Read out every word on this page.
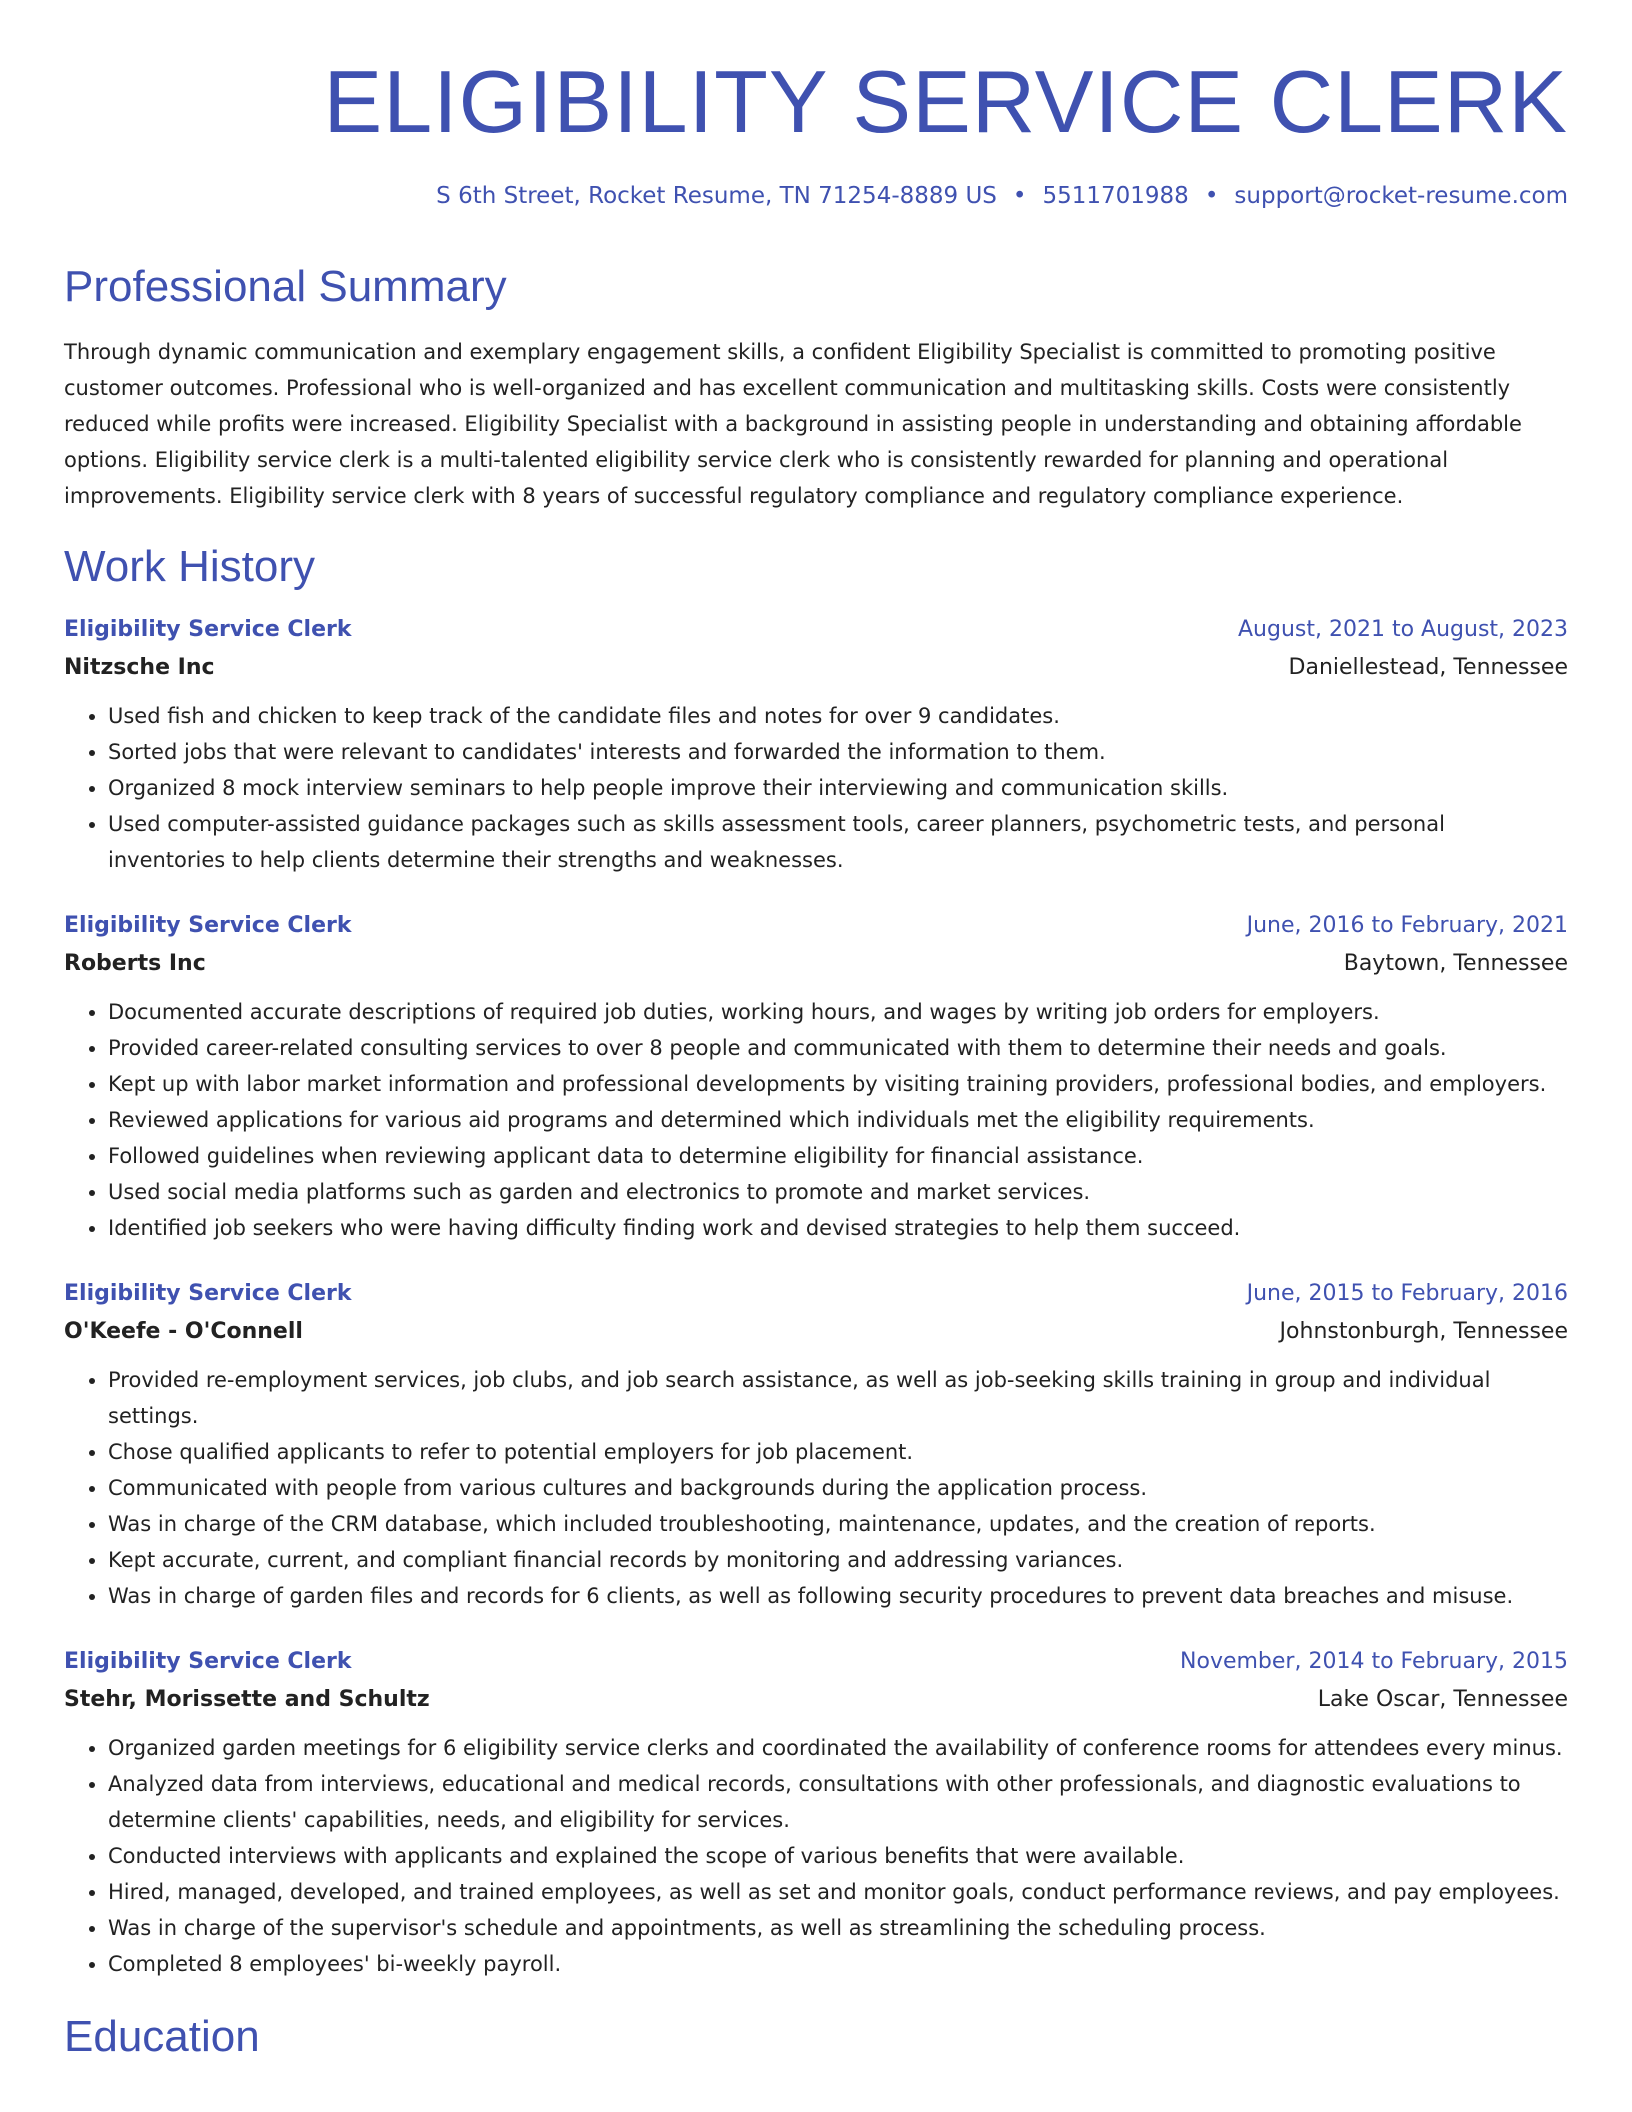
ELIGIBILITY SERVICE CLERK
S 6th Street, Rocket Resume, TN 71254-8889 US • 5511701988 • support@rocket-resume.com
Professional Summary

Through dynamic communication and exemplary engagement skills, a confident Eligibility Specialist is committed to promoting positive customer outcomes. Professional who is well-organized and has excellent communication and multitasking skills. Costs were consistently reduced while profits were increased. Eligibility Specialist with a background in assisting people in understanding and obtaining affordable options. Eligibility service clerk is a multi-talented eligibility service clerk who is consistently rewarded for planning and operational improvements. Eligibility service clerk with 8 years of successful regulatory compliance and regulatory compliance experience.

Work History
Eligibility Service Clerk	August, 2021 to August, 2023
Nitzsche Inc	Daniellestead, Tennessee
• Used fish and chicken to keep track of the candidate files and notes for over 9 candidates.
• Sorted jobs that were relevant to candidates' interests and forwarded the information to them.
• Organized 8 mock interview seminars to help people improve their interviewing and communication skills.
• Used computer-assisted guidance packages such as skills assessment tools, career planners, psychometric tests, and personal inventories to help clients determine their strengths and weaknesses.
Eligibility Service Clerk	June, 2016 to February, 2021
Roberts Inc	Baytown, Tennessee
• Documented accurate descriptions of required job duties, working hours, and wages by writing job orders for employers.
• Provided career-related consulting services to over 8 people and communicated with them to determine their needs and goals.
• Kept up with labor market information and professional developments by visiting training providers, professional bodies, and employers.
• Reviewed applications for various aid programs and determined which individuals met the eligibility requirements.
• Followed guidelines when reviewing applicant data to determine eligibility for financial assistance.
• Used social media platforms such as garden and electronics to promote and market services.
• Identified job seekers who were having difficulty finding work and devised strategies to help them succeed.
Eligibility Service Clerk	June, 2015 to February, 2016
O'Keefe - O'Connell	Johnstonburgh, Tennessee
• Provided re-employment services, job clubs, and job search assistance, as well as job-seeking skills training in group and individual settings.
• Chose qualified applicants to refer to potential employers for job placement.
• Communicated with people from various cultures and backgrounds during the application process.
• Was in charge of the CRM database, which included troubleshooting, maintenance, updates, and the creation of reports.
• Kept accurate, current, and compliant financial records by monitoring and addressing variances.
• Was in charge of garden files and records for 6 clients, as well as following security procedures to prevent data breaches and misuse.
Eligibility Service Clerk	November, 2014 to February, 2015
Stehr, Morissette and Schultz	Lake Oscar, Tennessee
• Organized garden meetings for 6 eligibility service clerks and coordinated the availability of conference rooms for attendees every minus.
• Analyzed data from interviews, educational and medical records, consultations with other professionals, and diagnostic evaluations to determine clients' capabilities, needs, and eligibility for services.
• Conducted interviews with applicants and explained the scope of various benefits that were available.
• Hired, managed, developed, and trained employees, as well as set and monitor goals, conduct performance reviews, and pay employees.
• Was in charge of the supervisor's schedule and appointments, as well as streamlining the scheduling process.
• Completed 8 employees' bi-weekly payroll.
Education
